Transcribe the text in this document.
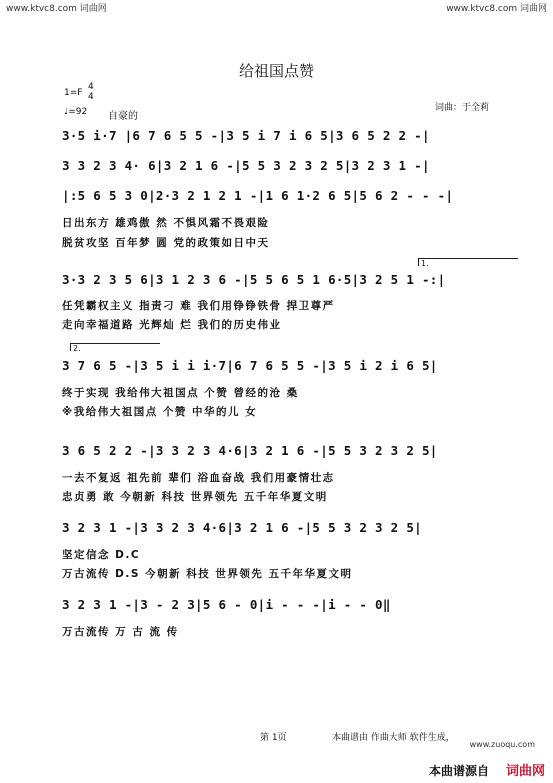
www.ktvc8.com 词曲网	www.ktvc8.com 词曲网
给祖国点赞
1=F
4
4
♩=92 自豪的
词曲：于全莉
3·5 i·7 |6 7 6 5 5 -|3 5 i 7 i 6 5|3 6 5 2 2 -|
3 3 2 3 4· 6|3 2 1 6 -|5 5 3 2 3 2 5|3 2 3 1 -|
|:5 6 5 3 0|2·3 2 1 2 1 -|1 6 1·2 6 5|5 6 2 - - -|
日出东方 雄鸡傲 然 不惧风霜不畏艰险
脱贫攻坚 百年梦 圆 党的政策如日中天
1.
3·3 2 3 5 6|3 1 2 3 6 -|5 5 6 5 1 6·5|3 2 5 1 -:|
任凭霸权主义 指责刁 难 我们用铮铮铁骨 捍卫尊严
走向幸福道路 光辉灿 烂 我们的历史伟业
2.
3 7 6 5 -|3 5 i i i·7|6 7 6 5 5 -|3 5 i 2 i 6 5|
终于实现 我给伟大祖国点 个赞 曾经的沧 桑
※我给伟大祖国点 个赞 中华的儿 女
3 6 5 2 2 -|3 3 2 3 4·6|3 2 1 6 -|5 5 3 2 3 2 5|
一去不复返 祖先前 辈们 浴血奋战 我们用豪情壮志
忠贞勇 敢 今朝新 科技 世界领先 五千年华夏文明
3 2 3 1 -|3 3 2 3 4·6|3 2 1 6 -|5 5 3 2 3 2 5|
坚定信念 D.C
万古流传 D.S 今朝新 科技 世界领先 五千年华夏文明
3 2 3 1 -|3 - 2 3|5 6 - 0|i - - -|i - - 0‖
万古流传 万 古 流 传
第 1页	本曲谱由 作曲大师 软件生成，
www.zuoqu.com
本曲谱源自 词曲网
